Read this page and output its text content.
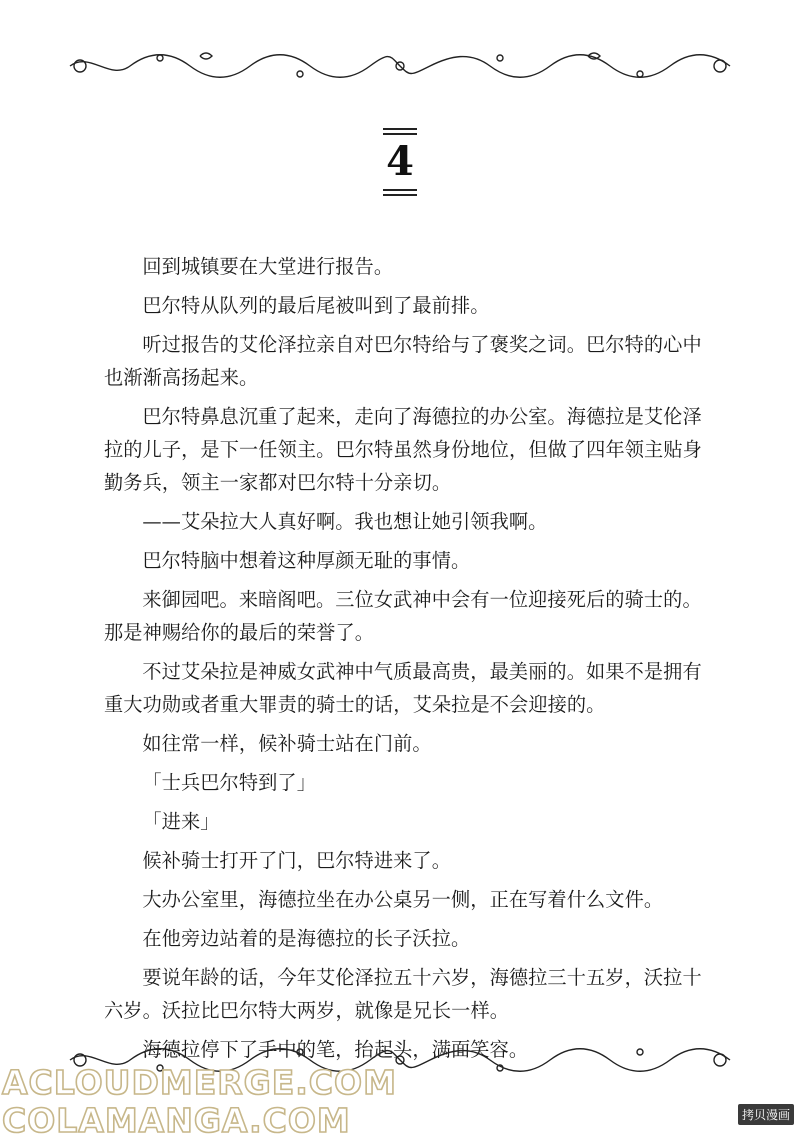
4

回到城镇要在大堂进行报告。

巴尔特从队列的最后尾被叫到了最前排。

听过报告的艾伦泽拉亲自对巴尔特给与了褒奖之词。巴尔特的心中也渐渐高扬起来。

巴尔特鼻息沉重了起来，走向了海德拉的办公室。海德拉是艾伦泽拉的儿子，是下一任领主。巴尔特虽然身份地位，但做了四年领主贴身勤务兵，领主一家都对巴尔特十分亲切。

——艾朵拉大人真好啊。我也想让她引领我啊。

巴尔特脑中想着这种厚颜无耻的事情。

来御园吧。来暗阁吧。三位女武神中会有一位迎接死后的骑士的。那是神赐给你的最后的荣誉了。

不过艾朵拉是神威女武神中气质最高贵，最美丽的。如果不是拥有重大功勋或者重大罪责的骑士的话，艾朵拉是不会迎接的。

如往常一样，候补骑士站在门前。

「士兵巴尔特到了」

「进来」

候补骑士打开了门，巴尔特进来了。

大办公室里，海德拉坐在办公桌另一侧，正在写着什么文件。

在他旁边站着的是海德拉的长子沃拉。

要说年龄的话，今年艾伦泽拉五十六岁，海德拉三十五岁，沃拉十六岁。沃拉比巴尔特大两岁，就像是兄长一样。

海德拉停下了手中的笔，抬起头，满面笑容。

ACLOUDMERGE.COM
COLAMANGA.COM	拷贝漫画
